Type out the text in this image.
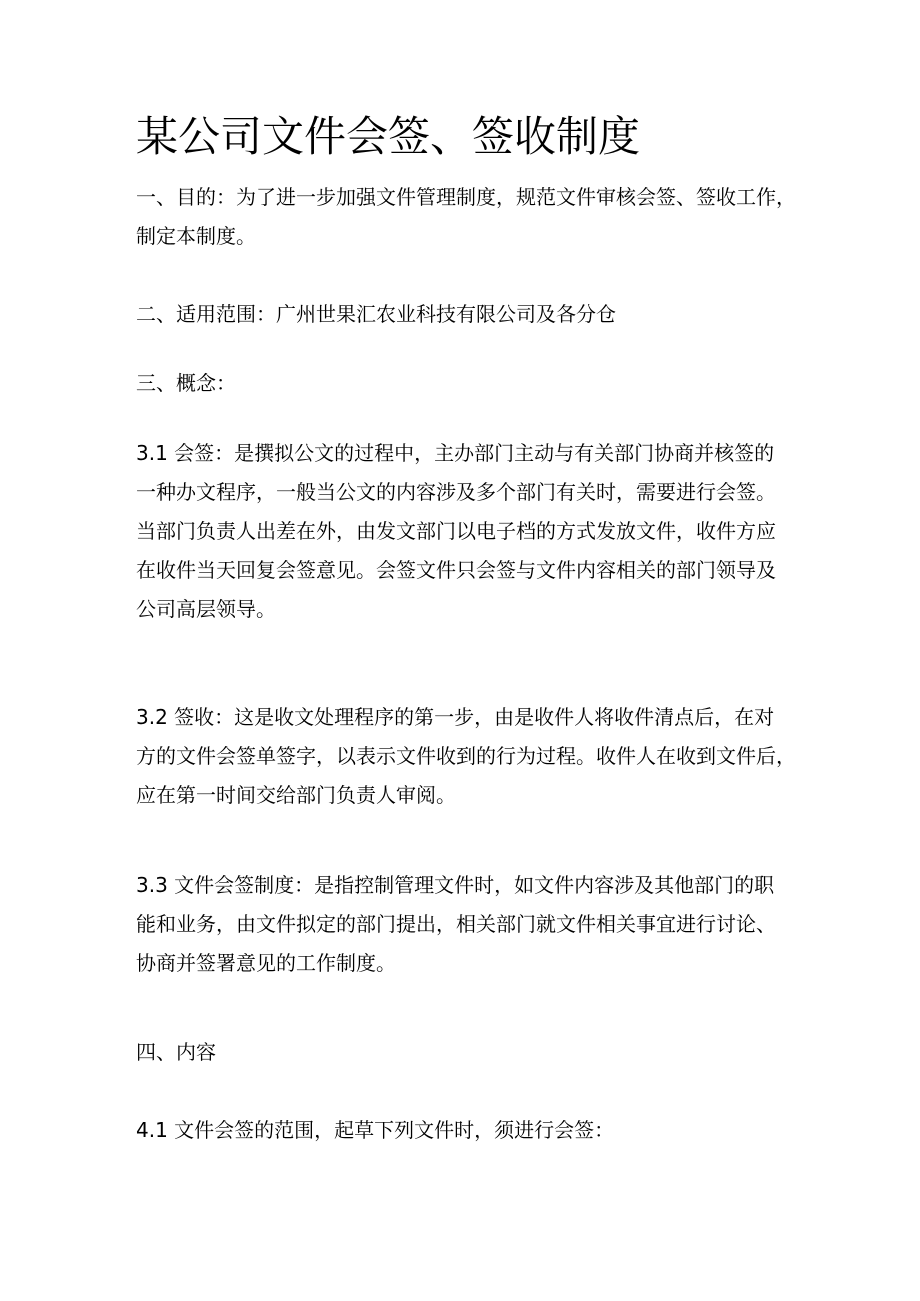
某公司文件会签、签收制度
一、目的：为了进一步加强文件管理制度，规范文件审核会签、签收工作，
制定本制度。
二、适用范围：广州世果汇农业科技有限公司及各分仓
三、概念：
3.1 会签：是撰拟公文的过程中，主办部门主动与有关部门协商并核签的
一种办文程序，一般当公文的内容涉及多个部门有关时，需要进行会签。
当部门负责人出差在外，由发文部门以电子档的方式发放文件，收件方应
在收件当天回复会签意见。会签文件只会签与文件内容相关的部门领导及
公司高层领导。
3.2 签收：这是收文处理程序的第一步，由是收件人将收件清点后，在对
方的文件会签单签字，以表示文件收到的行为过程。收件人在收到文件后，
应在第一时间交给部门负责人审阅。
3.3 文件会签制度：是指控制管理文件时，如文件内容涉及其他部门的职
能和业务，由文件拟定的部门提出，相关部门就文件相关事宜进行讨论、
协商并签署意见的工作制度。
四、内容
4.1 文件会签的范围，起草下列文件时，须进行会签：
